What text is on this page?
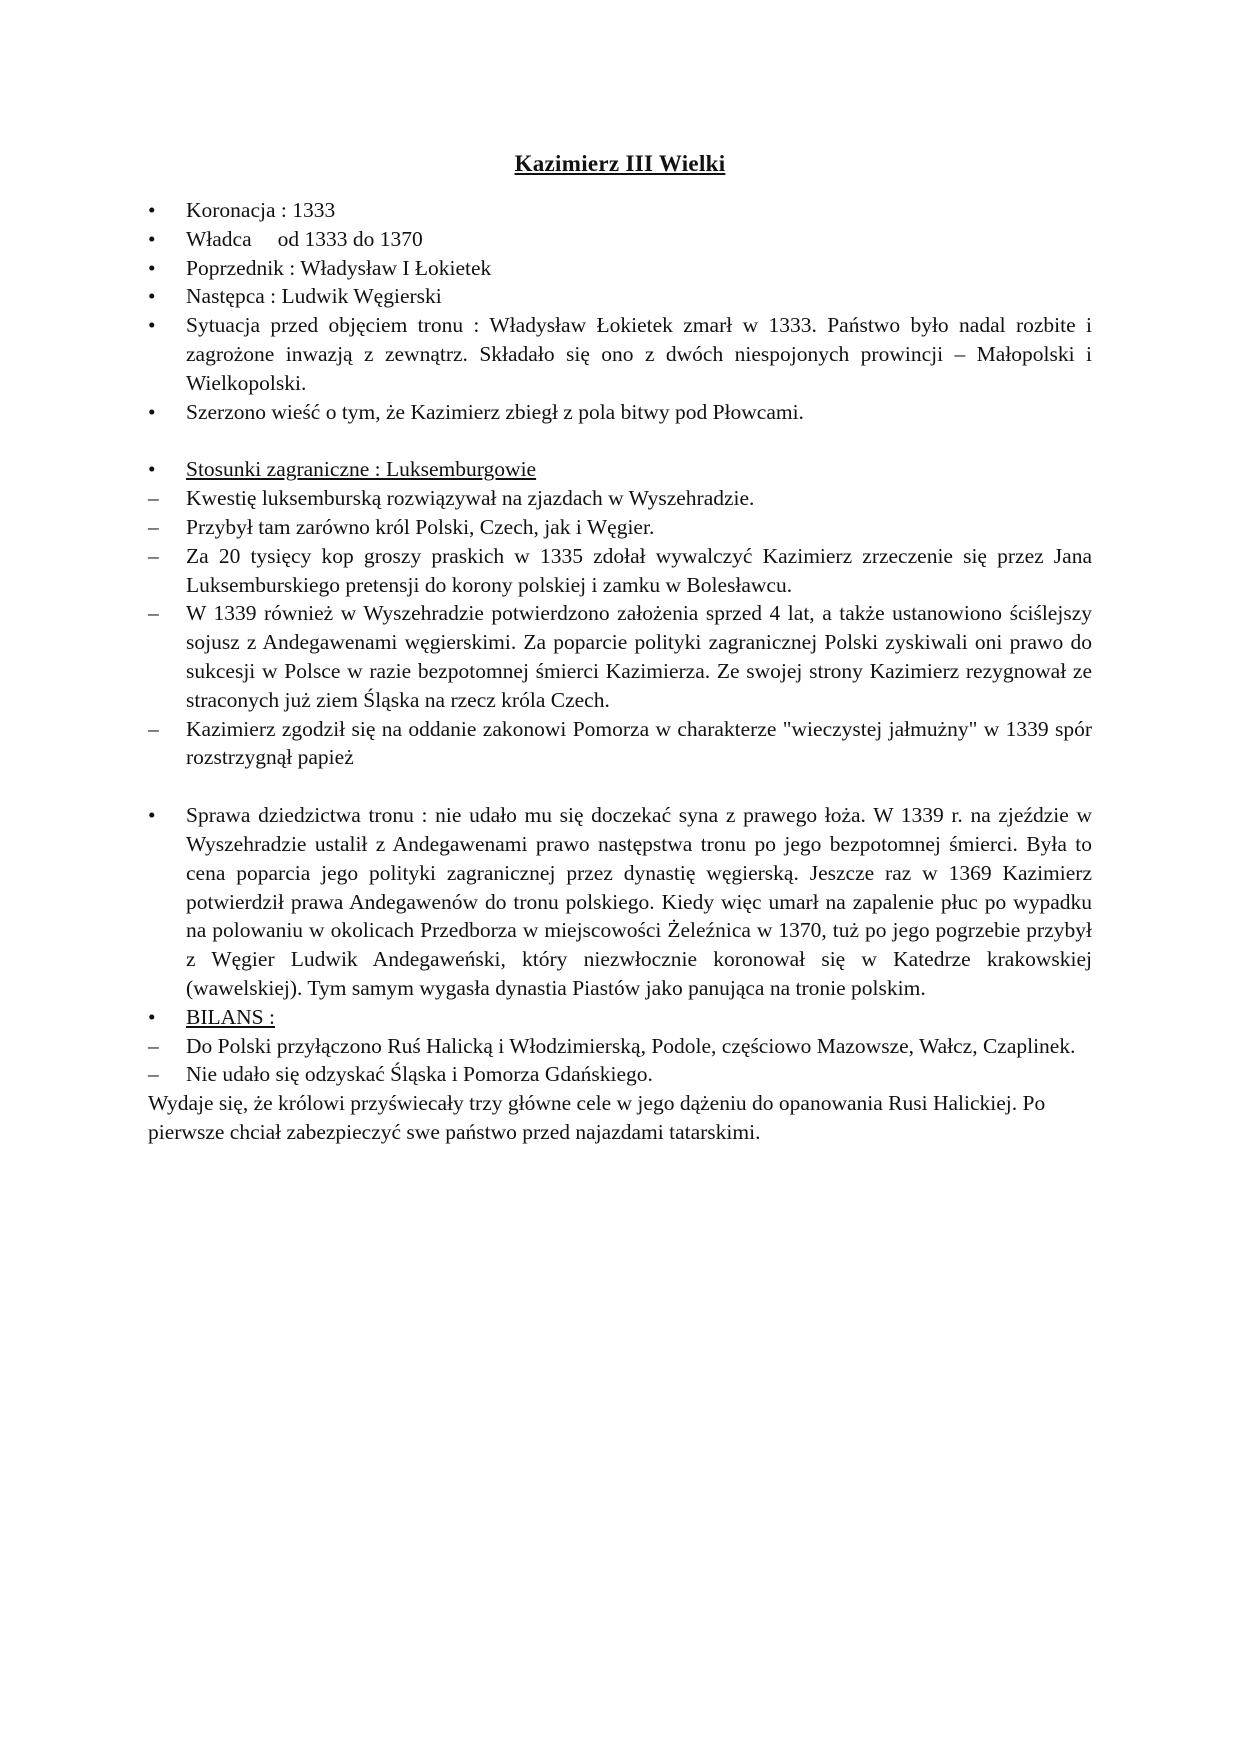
Kazimierz III Wielki
•	Koronacja : 1333
•	Władca od 1333 do 1370
•	Poprzednik : Władysław I Łokietek
•	Następca : Ludwik Węgierski
•	Sytuacja przed objęciem tronu : Władysław Łokietek zmarł w 1333. Państwo było nadal rozbite i zagrożone inwazją z zewnątrz. Składało się ono z dwóch niespojonych prowincji – Małopolski i Wielkopolski.
•	Szerzono wieść o tym, że Kazimierz zbiegł z pola bitwy pod Płowcami.
•	Stosunki zagraniczne : Luksemburgowie
–	Kwestię luksemburską rozwiązywał na zjazdach w Wyszehradzie.
–	Przybył tam zarówno król Polski, Czech, jak i Węgier.
–	Za 20 tysięcy kop groszy praskich w 1335 zdołał wywalczyć Kazimierz zrzeczenie się przez Jana Luksemburskiego pretensji do korony polskiej i zamku w Bolesławcu.
–	W 1339 również w Wyszehradzie potwierdzono założenia sprzed 4 lat, a także ustanowiono ściślejszy sojusz z Andegawenami węgierskimi. Za poparcie polityki zagranicznej Polski zyskiwali oni prawo do sukcesji w Polsce w razie bezpotomnej śmierci Kazimierza. Ze swojej strony Kazimierz rezygnował ze straconych już ziem Śląska na rzecz króla Czech.
–	Kazimierz zgodził się na oddanie zakonowi Pomorza w charakterze "wieczystej jałmużny" w 1339 spór rozstrzygnął papież
•	Sprawa dziedzictwa tronu : nie udało mu się doczekać syna z prawego łoża. W 1339 r. na zjeździe w Wyszehradzie ustalił z Andegawenami prawo następstwa tronu po jego bezpotomnej śmierci. Była to cena poparcia jego polityki zagranicznej przez dynastię węgierską. Jeszcze raz w 1369 Kazimierz potwierdził prawa Andegawenów do tronu polskiego. Kiedy więc umarł na zapalenie płuc po wypadku na polowaniu w okolicach Przedborza w miejscowości Żeleźnica w 1370, tuż po jego pogrzebie przybył z Węgier Ludwik Andegaweński, który niezwłocznie koronował się w Katedrze krakowskiej (wawelskiej). Tym samym wygasła dynastia Piastów jako panująca na tronie polskim.
•	BILANS :
–	Do Polski przyłączono Ruś Halicką i Włodzimierską, Podole, częściowo Mazowsze, Wałcz, Czaplinek.
–	Nie udało się odzyskać Śląska i Pomorza Gdańskiego.

Wydaje się, że królowi przyświecały trzy główne cele w jego dążeniu do opanowania Rusi Halickiej. Po pierwsze chciał zabezpieczyć swe państwo przed najazdami tatarskimi.
